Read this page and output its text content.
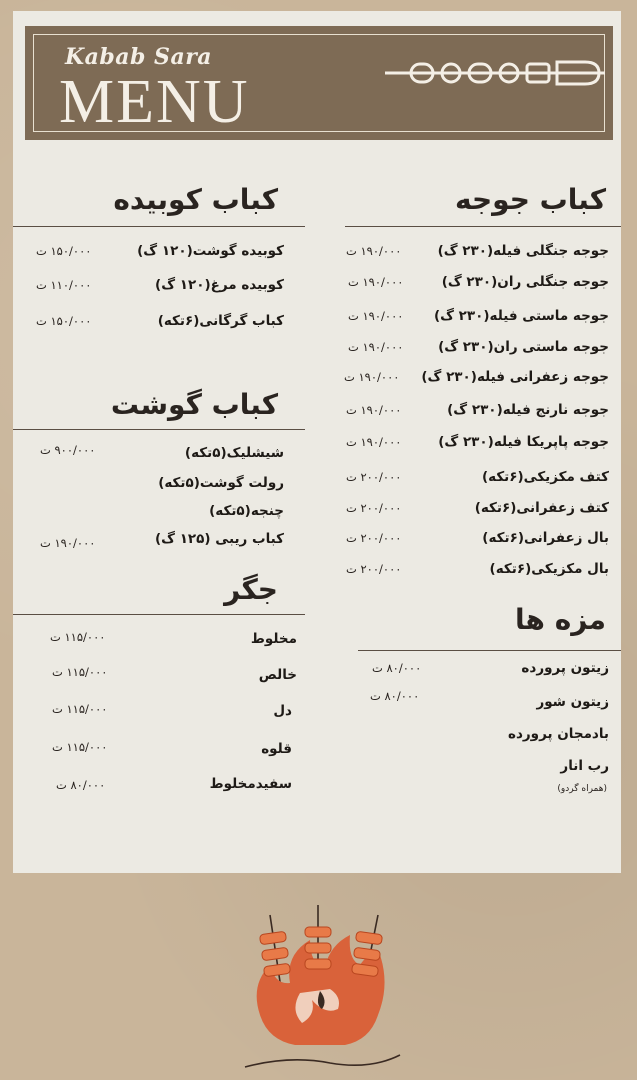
Kabab Sara
MENU
کباب جوجه
جوجه جنگلی فیله(۲۳۰ گ)
۱۹۰/۰۰۰ ت
جوجه جنگلی ران(۲۳۰ گ)
۱۹۰/۰۰۰ ت
جوجه ماستی فیله(۲۳۰ گ)
۱۹۰/۰۰۰ ت
جوجه ماستی ران(۲۳۰ گ)
۱۹۰/۰۰۰ ت
جوجه زعفرانی فیله(۲۳۰ گ)
۱۹۰/۰۰۰ ت
جوجه نارنج فیله(۲۳۰ گ)
۱۹۰/۰۰۰ ت
جوجه پاپریکا فیله(۲۳۰ گ)
۱۹۰/۰۰۰ ت
کتف مکزیکی(۶تکه)
۲۰۰/۰۰۰ ت
کتف زعفرانی(۶تکه)
۲۰۰/۰۰۰ ت
بال زعفرانی(۶تکه)
۲۰۰/۰۰۰ ت
بال مکزیکی(۶تکه)
۲۰۰/۰۰۰ ت
مزه ها
زیتون پرورده
۸۰/۰۰۰ ت
زیتون شور
۸۰/۰۰۰ ت
بادمجان پرورده
رب انار
(همراه گردو)
کباب کوبیده
کوبیده گوشت(۱۲۰ گ)
۱۵۰/۰۰۰ ت
کوبیده مرغ(۱۲۰ گ)
۱۱۰/۰۰۰ ت
کباب گرگانی(۶تکه)
۱۵۰/۰۰۰ ت
کباب گوشت
شیشلیک(۵تکه)
۹۰۰/۰۰۰ ت
رولت گوشت(۵تکه)
چنجه(۵تکه)
کباب ریبی (۱۲۵ گ)
۱۹۰/۰۰۰ ت
جگر
مخلوط
۱۱۵/۰۰۰ ت
خالص
۱۱۵/۰۰۰ ت
دل
۱۱۵/۰۰۰ ت
قلوه
۱۱۵/۰۰۰ ت
سفیدمخلوط
۸۰/۰۰۰ ت
